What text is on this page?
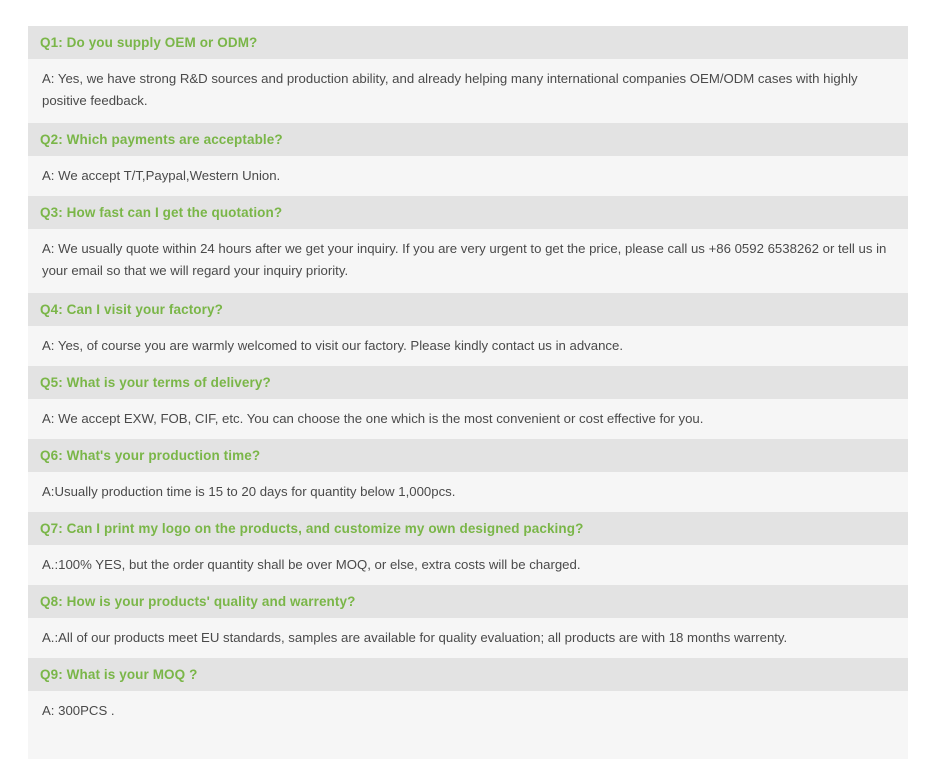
Q1: Do you supply OEM or ODM?
A: Yes, we have strong R&D sources and production ability, and already helping many international companies OEM/ODM cases with highly positive feedback.
Q2: Which payments are acceptable?
A: We accept T/T,Paypal,Western Union.
Q3: How fast can I get the quotation?
A: We usually quote within 24 hours after we get your inquiry. If you are very urgent to get the price, please call us +86 0592 6538262 or tell us in your email so that we will regard your inquiry priority.
Q4: Can I visit your factory?
A: Yes, of course you are warmly welcomed to visit our factory. Please kindly contact us in advance.
Q5: What is your terms of delivery?
A: We accept EXW, FOB, CIF, etc. You can choose the one which is the most convenient or cost effective for you.
Q6: What's your production time?
A:Usually production time is 15 to 20 days for quantity below 1,000pcs.
Q7: Can I print my logo on the products, and customize my own designed packing?
A.:100% YES, but the order quantity shall be over MOQ, or else, extra costs will be charged.
Q8: How is your products' quality and warrenty?
A.:All of our products meet EU standards, samples are available for quality evaluation; all products are with 18 months warrenty.
Q9: What is your MOQ ?
A: 300PCS .
